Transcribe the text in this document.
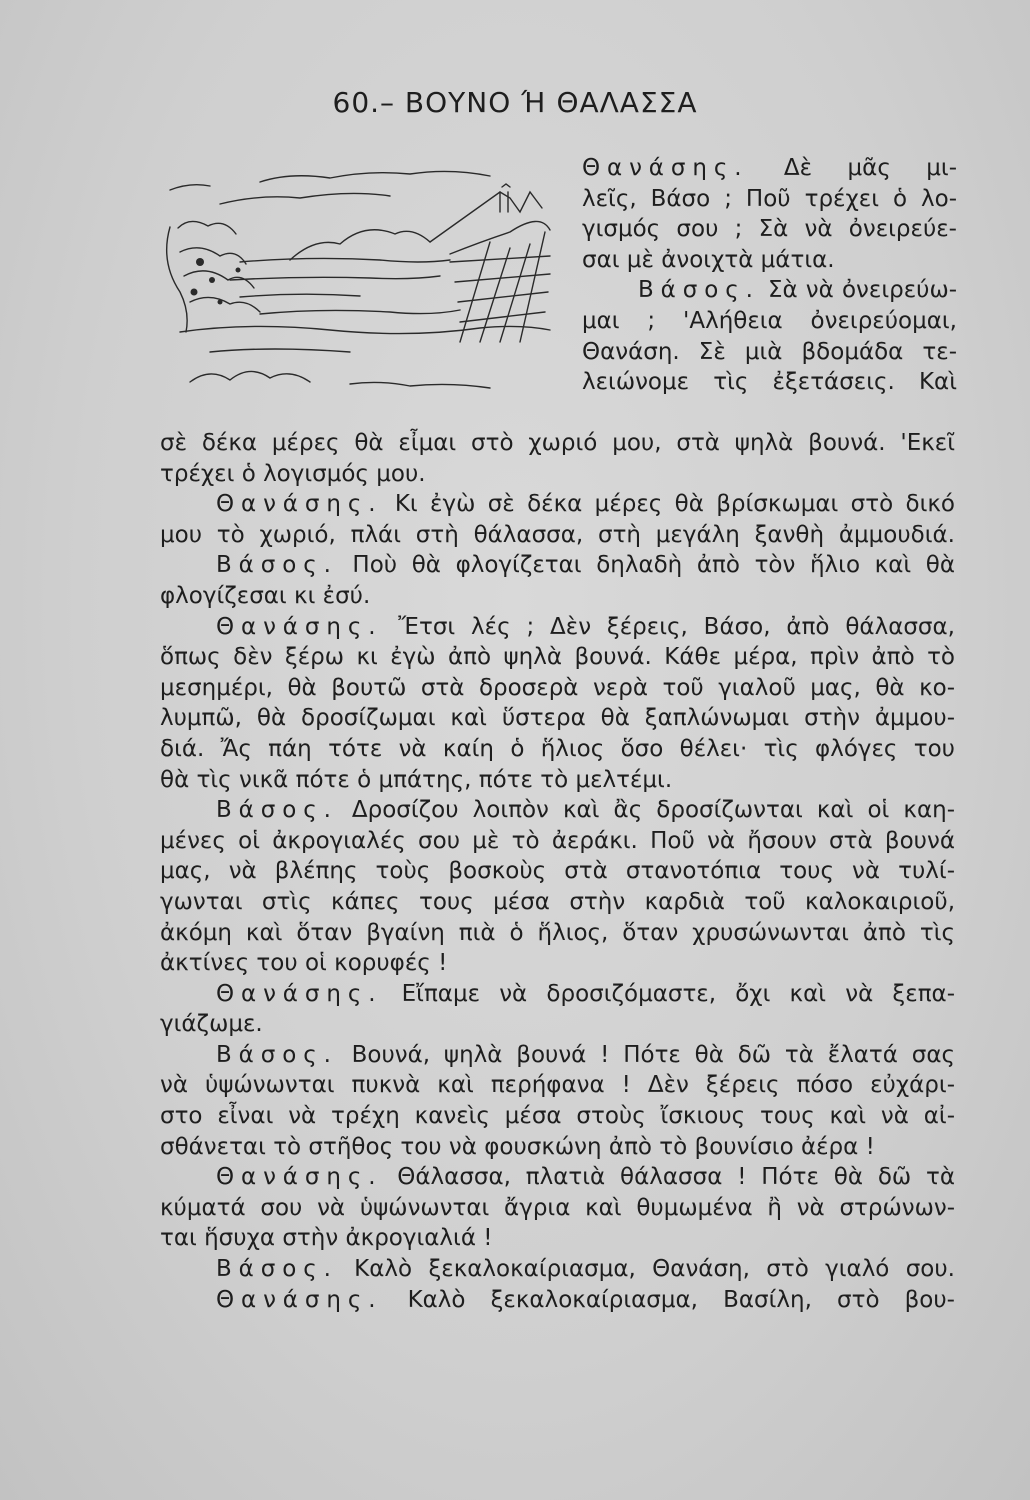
60.– ΒΟΥΝΟ Ή ΘΑΛΑΣΣΑ
Θανάσης. Δὲ μᾶς μι-
λεῖς, Βάσο ; Ποῦ τρέχει ὁ λο-
γισμός σου ; Σὰ νὰ ὀνειρεύε-
σαι μὲ ἀνοιχτὰ μάτια.
Βάσος. Σὰ νὰ ὀνειρεύω-
μαι ; 'Αλήθεια ὀνειρεύομαι,
Θανάση. Σὲ μιὰ βδομάδα τε-
λειώνομε τὶς ἐξετάσεις. Καὶ
σὲ δέκα μέρες θὰ εἶμαι στὸ χωριό μου, στὰ ψηλὰ βουνά. 'Εκεῖ
τρέχει ὁ λογισμός μου.
Θανάσης. Κι ἐγὼ σὲ δέκα μέρες θὰ βρίσκωμαι στὸ δικό
μου τὸ χωριό, πλάι στὴ θάλασσα, στὴ μεγάλη ξανθὴ ἀμμουδιά.
Βάσος. Ποὺ θὰ φλογίζεται δηλαδὴ ἀπὸ τὸν ἥλιο καὶ θὰ
φλογίζεσαι κι ἐσύ.
Θανάσης. Ἔτσι λές ; Δὲν ξέρεις, Βάσο, ἀπὸ θάλασσα,
ὅπως δὲν ξέρω κι ἐγὼ ἀπὸ ψηλὰ βουνά. Κάθε μέρα, πρὶν ἀπὸ τὸ
μεσημέρι, θὰ βουτῶ στὰ δροσερὰ νερὰ τοῦ γιαλοῦ μας, θὰ κο-
λυμπῶ, θὰ δροσίζωμαι καὶ ὕστερα θὰ ξαπλώνωμαι στὴν ἀμμου-
διά. Ἄς πάη τότε νὰ καίη ὁ ἥλιος ὅσο θέλει· τὶς φλόγες του
θὰ τὶς νικᾶ πότε ὁ μπάτης, πότε τὸ μελτέμι.
Βάσος. Δροσίζου λοιπὸν καὶ ἂς δροσίζωνται καὶ οἱ καη-
μένες οἱ ἀκρογιαλές σου μὲ τὸ ἀεράκι. Ποῦ νὰ ἤσουν στὰ βουνά
μας, νὰ βλέπης τοὺς βοσκοὺς στὰ στανοτόπια τους νὰ τυλί-
γωνται στὶς κάπες τους μέσα στὴν καρδιὰ τοῦ καλοκαιριοῦ,
ἀκόμη καὶ ὅταν βγαίνη πιὰ ὁ ἥλιος, ὅταν χρυσώνωνται ἀπὸ τὶς
ἀκτίνες του οἱ κορυφές !
Θανάσης. Εἴπαμε νὰ δροσιζόμαστε, ὄχι καὶ νὰ ξεπα-
γιάζωμε.
Βάσος. Βουνά, ψηλὰ βουνά ! Πότε θὰ δῶ τὰ ἔλατά σας
νὰ ὑψώνωνται πυκνὰ καὶ περήφανα ! Δὲν ξέρεις πόσο εὐχάρι-
στο εἶναι νὰ τρέχη κανεὶς μέσα στοὺς ἴσκιους τους καὶ νὰ αἰ-
σθάνεται τὸ στῆθος του νὰ φουσκώνη ἀπὸ τὸ βουνίσιο ἀέρα !
Θανάσης. Θάλασσα, πλατιὰ θάλασσα ! Πότε θὰ δῶ τὰ
κύματά σου νὰ ὑψώνωνται ἄγρια καὶ θυμωμένα ἢ νὰ στρώνων-
ται ἥσυχα στὴν ἀκρογιαλιά !
Βάσος. Καλὸ ξεκαλοκαίριασμα, Θανάση, στὸ γιαλό σου.
Θανάσης. Καλὸ ξεκαλοκαίριασμα, Βασίλη, στὸ βου-
